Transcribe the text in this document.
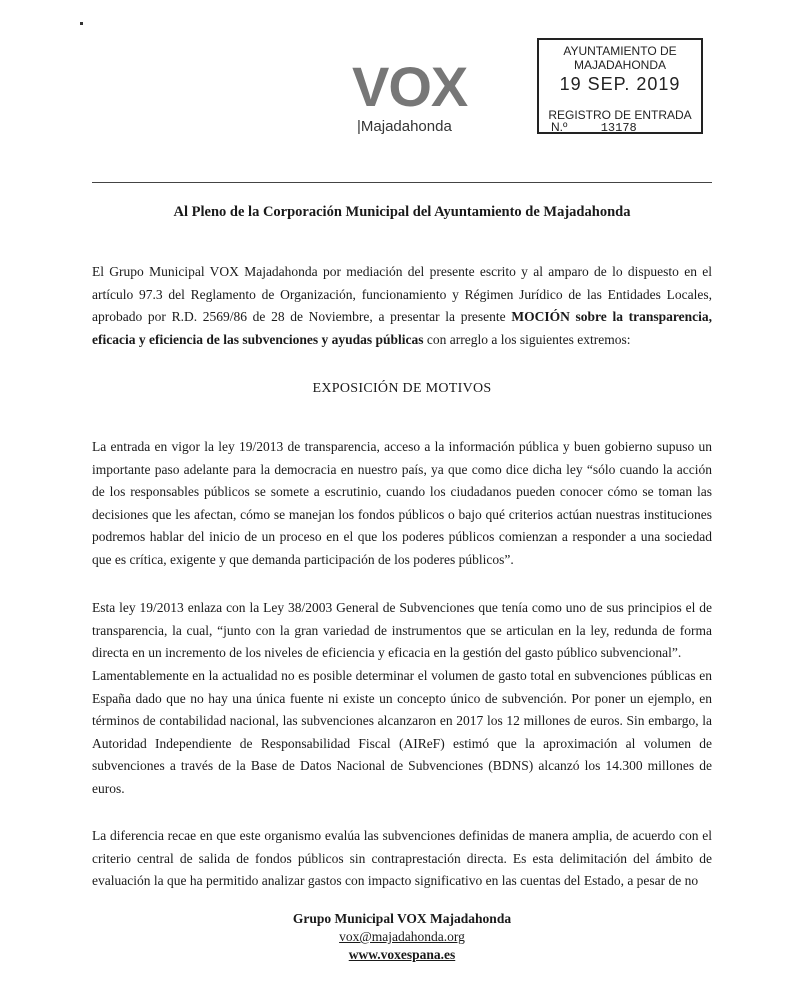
VOX
|Majadahonda
AYUNTAMIENTO DE MAJADAHONDA
19 SEP. 2019
REGISTRO DE ENTRADA
N.º	13178
Al Pleno de la Corporación Municipal del Ayuntamiento de Majadahonda

El Grupo Municipal VOX Majadahonda por mediación del presente escrito y al amparo de lo dispuesto en el artículo 97.3 del Reglamento de Organización, funcionamiento y Régimen Jurídico de las Entidades Locales, aprobado por R.D. 2569/86 de 28 de Noviembre, a presentar la presente MOCIÓN sobre la transparencia, eficacia y eficiencia de las subvenciones y ayudas públicas con arreglo a los siguientes extremos:

EXPOSICIÓN DE MOTIVOS

La entrada en vigor la ley 19/2013 de transparencia, acceso a la información pública y buen gobierno supuso un importante paso adelante para la democracia en nuestro país, ya que como dice dicha ley “sólo cuando la acción de los responsables públicos se somete a escrutinio, cuando los ciudadanos pueden conocer cómo se toman las decisiones que les afectan, cómo se manejan los fondos públicos o bajo qué criterios actúan nuestras instituciones podremos hablar del inicio de un proceso en el que los poderes públicos comienzan a responder a una sociedad que es crítica, exigente y que demanda participación de los poderes públicos”.

Esta ley 19/2013 enlaza con la Ley 38/2003 General de Subvenciones que tenía como uno de sus principios el de transparencia, la cual, “junto con la gran variedad de instrumentos que se articulan en la ley, redunda de forma directa en un incremento de los niveles de eficiencia y eficacia en la gestión del gasto público subvencional”.

Lamentablemente en la actualidad no es posible determinar el volumen de gasto total en subvenciones públicas en España dado que no hay una única fuente ni existe un concepto único de subvención. Por poner un ejemplo, en términos de contabilidad nacional, las subvenciones alcanzaron en 2017 los 12 millones de euros. Sin embargo, la Autoridad Independiente de Responsabilidad Fiscal (AIReF) estimó que la aproximación al volumen de subvenciones a través de la Base de Datos Nacional de Subvenciones (BDNS) alcanzó los 14.300 millones de euros.

La diferencia recae en que este organismo evalúa las subvenciones definidas de manera amplia, de acuerdo con el criterio central de salida de fondos públicos sin contraprestación directa. Es esta delimitación del ámbito de evaluación la que ha permitido analizar gastos con impacto significativo en las cuentas del Estado, a pesar de no

Grupo Municipal VOX Majadahonda
vox@majadahonda.org
www.voxespana.es
